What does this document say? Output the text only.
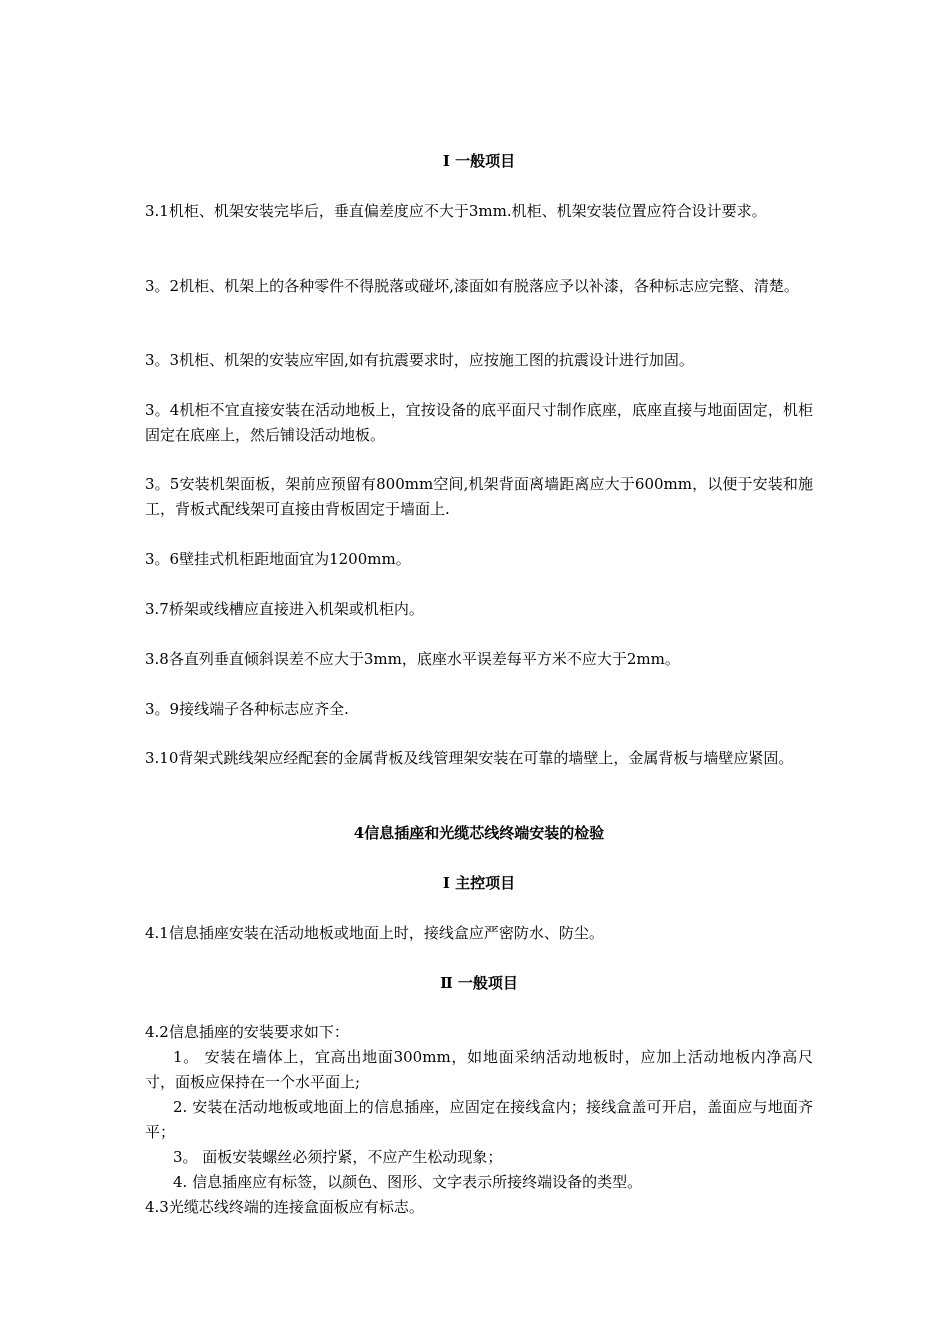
Ⅰ 一般项目

3.1机柜、机架安装完毕后，垂直偏差度应不大于3mm.机柜、机架安装位置应符合设计要求。

3。2机柜、机架上的各种零件不得脱落或碰坏,漆面如有脱落应予以补漆，各种标志应完整、清楚。

3。3机柜、机架的安装应牢固,如有抗震要求时，应按施工图的抗震设计进行加固。

3。4机柜不宜直接安装在活动地板上，宜按设备的底平面尺寸制作底座，底座直接与地面固定，机柜固定在底座上，然后铺设活动地板。

3。5安装机架面板，架前应预留有800mm空间,机架背面离墙距离应大于600mm，以便于安装和施工，背板式配线架可直接由背板固定于墙面上.

3。6壁挂式机柜距地面宜为1200mm。

3.7桥架或线槽应直接进入机架或机柜内。

3.8各直列垂直倾斜误差不应大于3mm，底座水平误差每平方米不应大于2mm。

3。9接线端子各种标志应齐全.

3.10背架式跳线架应经配套的金属背板及线管理架安装在可靠的墙壁上，金属背板与墙壁应紧固。

4信息插座和光缆芯线终端安装的检验

Ⅰ 主控项目

4.1信息插座安装在活动地板或地面上时，接线盒应严密防水、防尘。

Ⅱ 一般项目

4.2信息插座的安装要求如下：

1。 安装在墙体上，宜高出地面300mm，如地面采纳活动地板时，应加上活动地板内净高尺寸，面板应保持在一个水平面上;

2. 安装在活动地板或地面上的信息插座，应固定在接线盒内；接线盒盖可开启，盖面应与地面齐平；

3。 面板安装螺丝必须拧紧，不应产生松动现象；

4. 信息插座应有标签，以颜色、图形、文字表示所接终端设备的类型。

4.3光缆芯线终端的连接盒面板应有标志。
